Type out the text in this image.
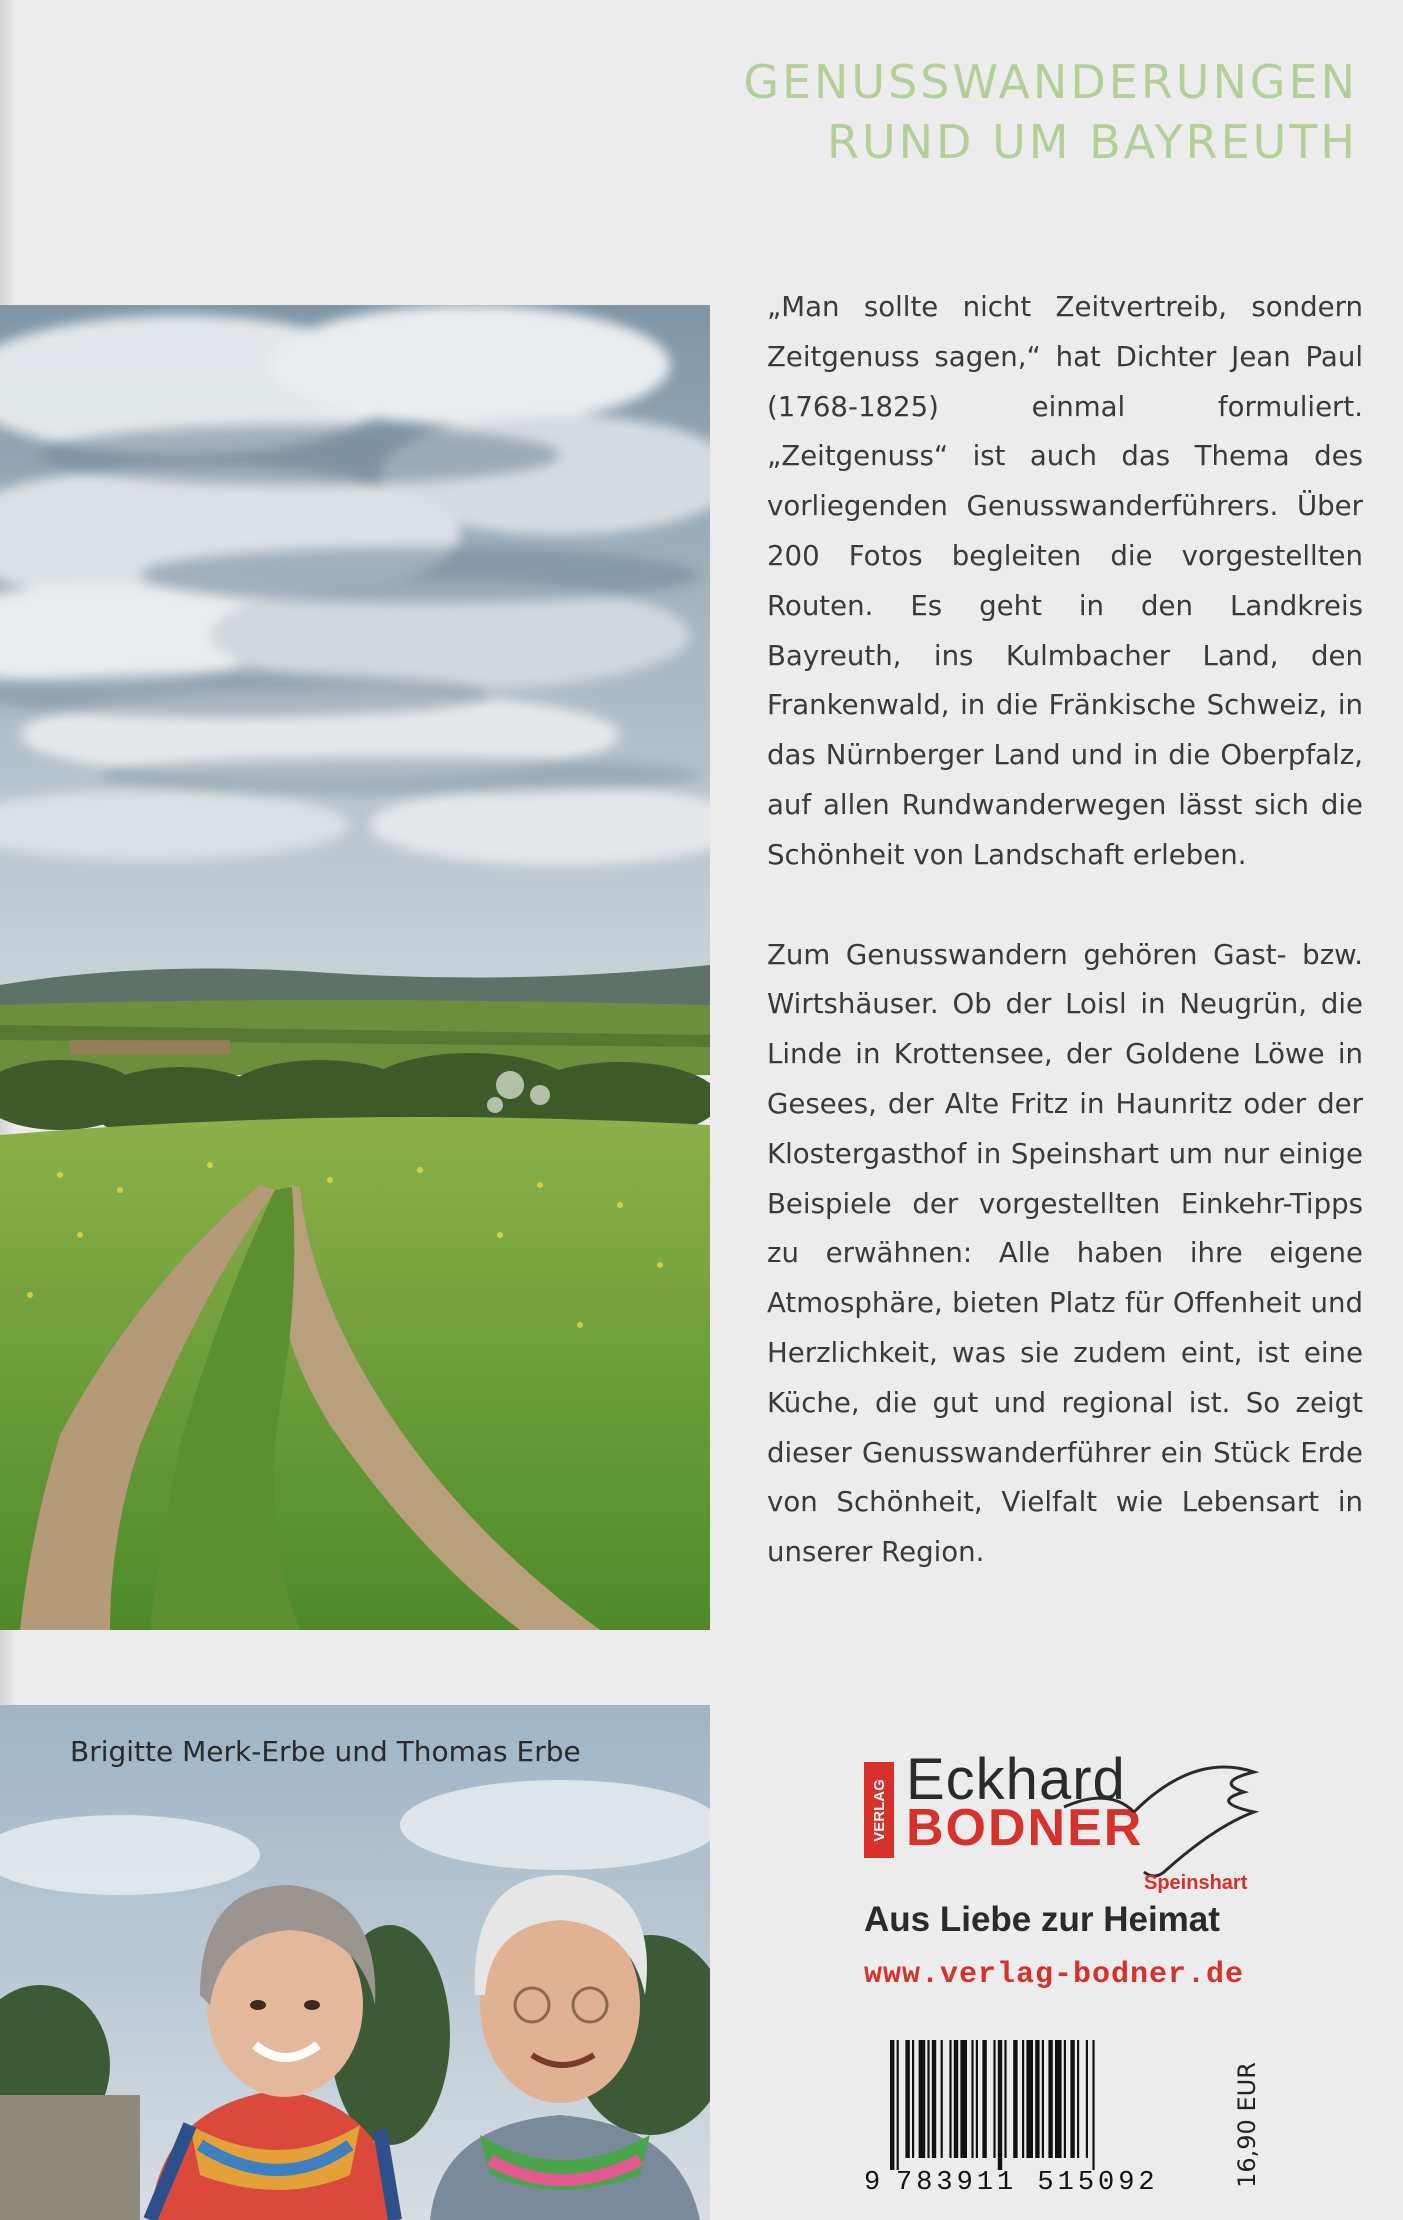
GENUSSWANDERUNGEN
RUND UM BAYREUTH

„Man sollte nicht Zeitvertreib, sondern Zeitgenuss sagen,“ hat Dichter Jean Paul (1768-1825) einmal formuliert. „Zeitgenuss“ ist auch das Thema des vorliegenden Genusswanderführers. Über 200 Fotos begleiten die vorgestellten Routen. Es geht in den Landkreis Bayreuth, ins Kulmbacher Land, den Frankenwald, in die Fränkische Schweiz, in das Nürnberger Land und in die Oberpfalz, auf allen Rundwanderwegen lässt sich die Schönheit von Landschaft erleben.

Zum Genusswandern gehören Gast- bzw. Wirtshäuser. Ob der Loisl in Neugrün, die Linde in Krottensee, der Goldene Löwe in Gesees, der Alte Fritz in Haunritz oder der Klostergasthof in Speinshart um nur einige Beispiele der vorgestellten Einkehr-Tipps zu erwähnen: Alle haben ihre eigene Atmosphäre, bieten Platz für Offenheit und Herzlichkeit, was sie zudem eint, ist eine Küche, die gut und regional ist. So zeigt dieser Genusswanderführer ein Stück Erde von Schönheit, Vielfalt wie Lebensart in unserer Region.

Brigitte Merk-Erbe und Thomas Erbe
VERLAG Eckhard
BODNER
Speinshart
Aus Liebe zur Heimat
www.verlag-bodner.de
9 783911 515092	16,90 EUR
